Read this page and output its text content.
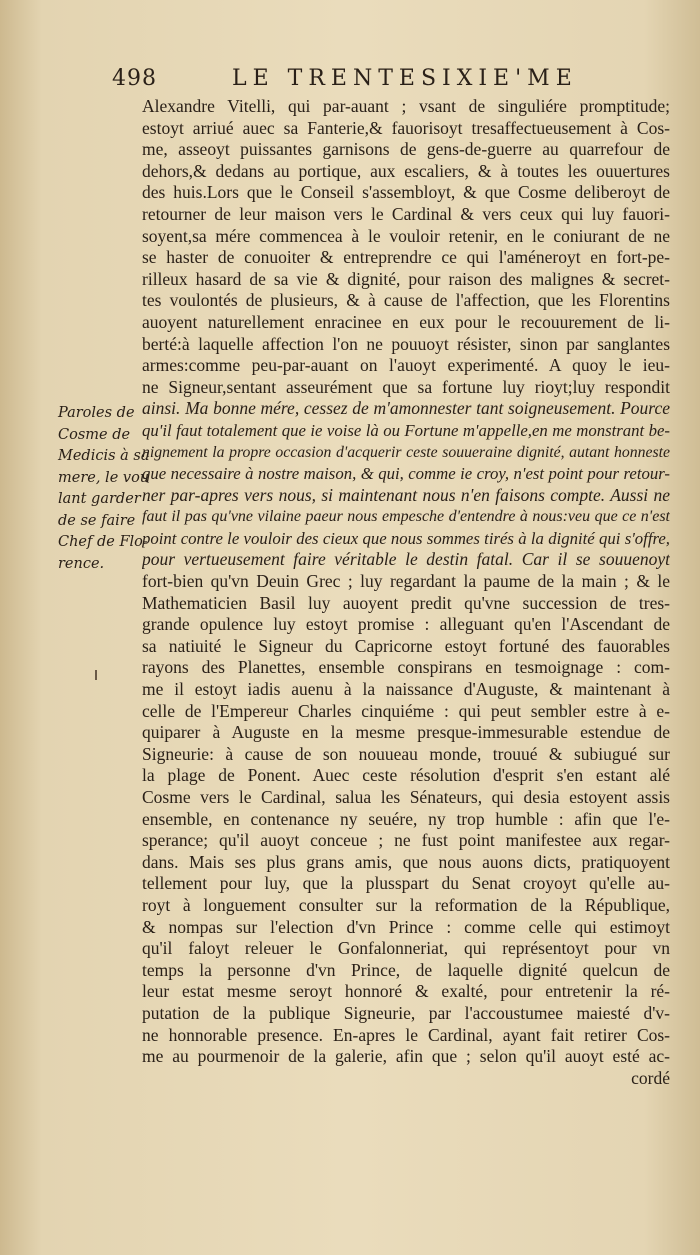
498	LE TRENTESIXIE'ME
Paroles de
Cosme de
Medicis à sa
mere, le vou
lant garder
de se faire
Chef de Flo-
rence.
Alexandre Vitelli, qui par-auant ; vsant de singuliére promptitude;
estoyt arriué auec sa Fanterie,& fauorisoyt tresaffectueusement à Cos-
me, asseoyt puissantes garnisons de gens-de-guerre au quarrefour de
dehors,& dedans au portique, aux escaliers, & à toutes les ouuertures
des huis.Lors que le Conseil s'assembloyt, & que Cosme deliberoyt de
retourner de leur maison vers le Cardinal & vers ceux qui luy fauori-
soyent,sa mére commencea à le vouloir retenir, en le coniurant de ne
se haster de conuoiter & entreprendre ce qui l'améneroyt en fort-pe-
rilleux hasard de sa vie & dignité, pour raison des malignes & secret-
tes voulontés de plusieurs, & à cause de l'affection, que les Florentins
auoyent naturellement enracinee en eux pour le recouurement de li-
berté:à laquelle affection l'on ne pouuoyt résister, sinon par sanglantes
armes:comme peu-par-auant on l'auoyt experimenté. A quoy le ieu-
ne Signeur,sentant asseurément que sa fortune luy rioyt;luy respondit
ainsi. Ma bonne mére, cessez de m'amonnester tant soigneusement. Pource
qu'il faut totalement que ie voise là ou Fortune m'appelle,en me monstrant be-
nignement la propre occasion d'acquerir ceste souueraine dignité, autant honneste
que necessaire à nostre maison, & qui, comme ie croy, n'est point pour retour-
ner par-apres vers nous, si maintenant nous n'en faisons compte. Aussi ne
faut il pas qu'vne vilaine paeur nous empesche d'entendre à nous:veu que ce n'est
point contre le vouloir des cieux que nous sommes tirés à la dignité qui s'offre,
pour vertueusement faire véritable le destin fatal. Car il se souuenoyt
fort-bien qu'vn Deuin Grec ; luy regardant la paume de la main ; & le
Mathematicien Basil luy auoyent predit qu'vne succession de tres-
grande opulence luy estoyt promise : alleguant qu'en l'Ascendant de
sa natiuité le Signeur du Capricorne estoyt fortuné des fauorables
rayons des Planettes, ensemble conspirans en tesmoignage : com-
me il estoyt iadis auenu à la naissance d'Auguste, & maintenant à
celle de l'Empereur Charles cinquiéme : qui peut sembler estre à e-
quiparer à Auguste en la mesme presque-immesurable estendue de
Signeurie: à cause de son nouueau monde, trouué & subiugué sur
la plage de Ponent. Auec ceste résolution d'esprit s'en estant alé
Cosme vers le Cardinal, salua les Sénateurs, qui desia estoyent assis
ensemble, en contenance ny seuére, ny trop humble : afin que l'e-
sperance; qu'il auoyt conceue ; ne fust point manifestee aux regar-
dans. Mais ses plus grans amis, que nous auons dicts, pratiquoyent
tellement pour luy, que la plusspart du Senat croyoyt qu'elle au-
royt à longuement consulter sur la reformation de la République,
& nompas sur l'election d'vn Prince : comme celle qui estimoyt
qu'il faloyt releuer le Gonfalonneriat, qui représentoyt pour vn
temps la personne d'vn Prince, de laquelle dignité quelcun de
leur estat mesme seroyt honnoré & exalté, pour entretenir la ré-
putation de la publique Signeurie, par l'accoustumee maiesté d'v-
ne honnorable presence. En-apres le Cardinal, ayant fait retirer Cos-
me au pourmenoir de la galerie, afin que ; selon qu'il auoyt esté ac-
cordé
